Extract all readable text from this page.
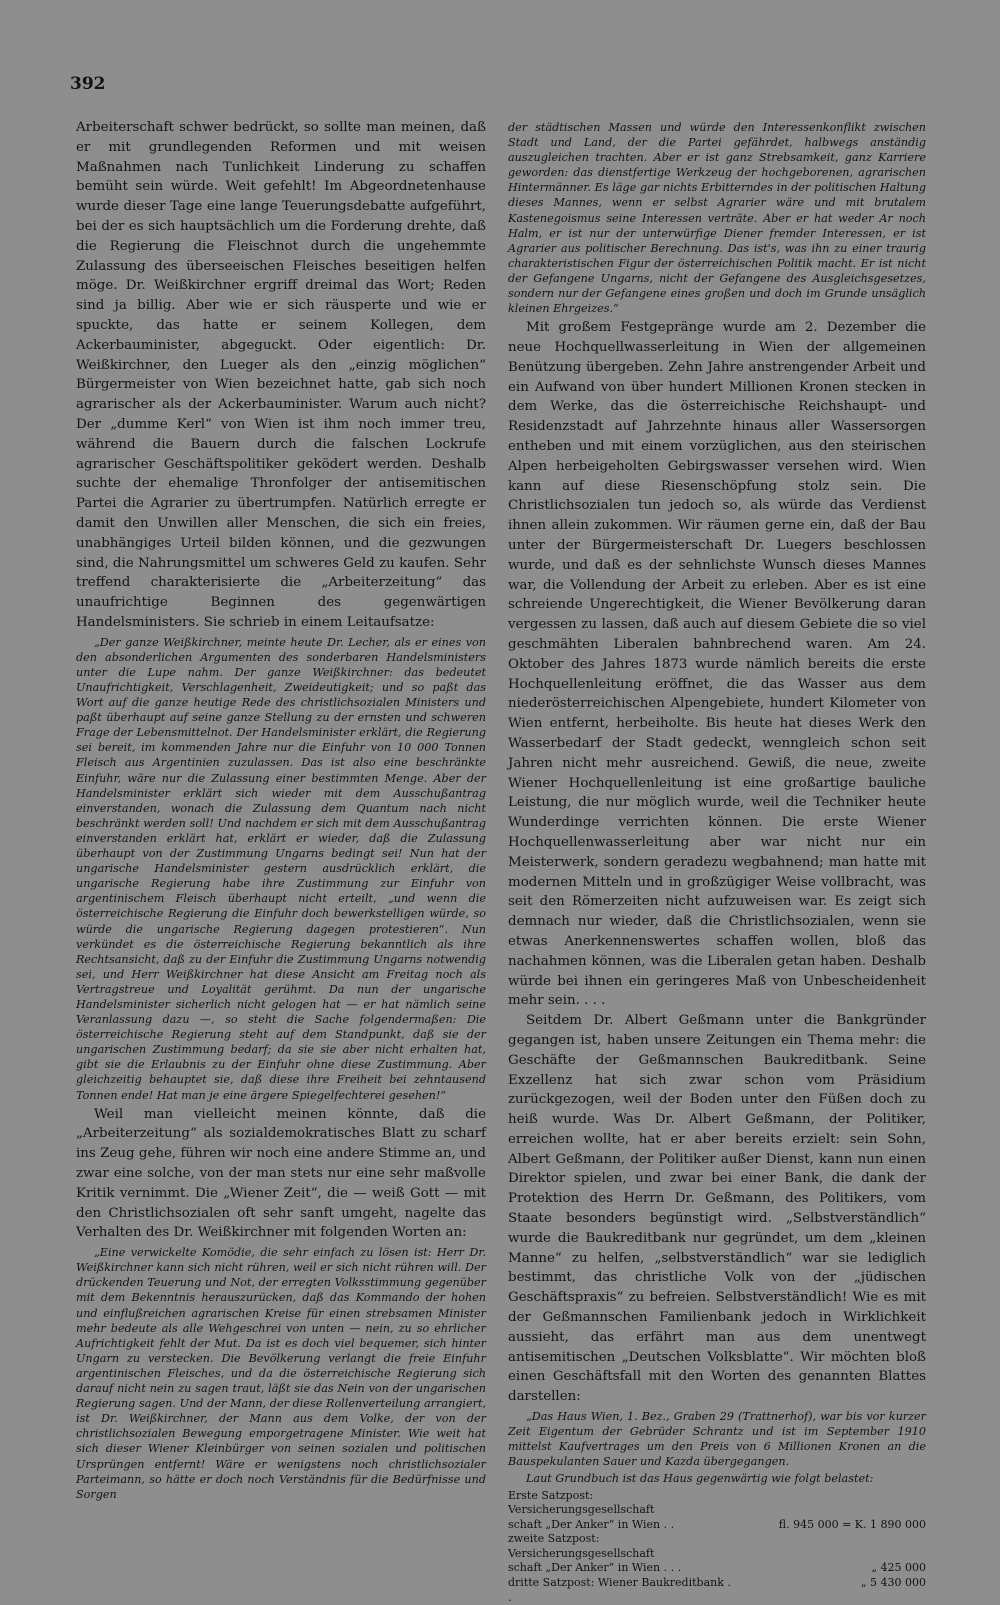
392

Arbeiterschaft schwer bedrückt, so sollte man meinen, daß er mit grundlegenden Reformen und mit weisen Maßnahmen nach Tunlichkeit Linderung zu schaffen bemüht sein würde. Weit gefehlt! Im Abgeordnetenhause wurde dieser Tage eine lange Teuerungsdebatte aufgeführt, bei der es sich hauptsächlich um die Forderung drehte, daß die Regierung die Fleischnot durch die ungehemmte Zulassung des überseeischen Fleisches beseitigen helfen möge. Dr. Weißkirchner ergriff dreimal das Wort; Reden sind ja billig. Aber wie er sich räusperte und wie er spuckte, das hatte er seinem Kollegen, dem Ackerbauminister, abgeguckt. Oder eigentlich: Dr. Weißkirchner, den Lueger als den „einzig möglichen“ Bürgermeister von Wien bezeichnet hatte, gab sich noch agrarischer als der Ackerbauminister. Warum auch nicht? Der „dumme Kerl“ von Wien ist ihm noch immer treu, während die Bauern durch die falschen Lockrufe agrarischer Geschäftspolitiker geködert werden. Deshalb suchte der ehemalige Thronfolger der antisemitischen Partei die Agrarier zu übertrumpfen. Natürlich erregte er damit den Unwillen aller Menschen, die sich ein freies, unabhängiges Urteil bilden können, und die gezwungen sind, die Nahrungsmittel um schweres Geld zu kaufen. Sehr treffend charakterisierte die „Arbeiterzeitung“ das unaufrichtige Beginnen des gegenwärtigen Handelsministers. Sie schrieb in einem Leitaufsatze:

„Der ganze Weißkirchner, meinte heute Dr. Lecher, als er eines von den absonderlichen Argumenten des sonderbaren Handelsministers unter die Lupe nahm. Der ganze Weißkirchner: das bedeutet Unaufrichtigkeit, Verschlagenheit, Zweideutigkeit; und so paßt das Wort auf die ganze heutige Rede des christlichsozialen Ministers und paßt überhaupt auf seine ganze Stellung zu der ernsten und schweren Frage der Lebensmittelnot. Der Handelsminister erklärt, die Regierung sei bereit, im kommenden Jahre nur die Einfuhr von 10 000 Tonnen Fleisch aus Argentinien zuzulassen. Das ist also eine beschränkte Einfuhr, wäre nur die Zulassung einer bestimmten Menge. Aber der Handelsminister erklärt sich wieder mit dem Ausschußantrag einverstanden, wonach die Zulassung dem Quantum nach nicht beschränkt werden soll! Und nachdem er sich mit dem Ausschußantrag einverstanden erklärt hat, erklärt er wieder, daß die Zulassung überhaupt von der Zustimmung Ungarns bedingt sei! Nun hat der ungarische Handelsminister gestern ausdrücklich erklärt, die ungarische Regierung habe ihre Zustimmung zur Einfuhr von argentinischem Fleisch überhaupt nicht erteilt, „und wenn die österreichische Regierung die Einfuhr doch bewerkstelligen würde, so würde die ungarische Regierung dagegen protestieren“. Nun verkündet es die österreichische Regierung bekanntlich als ihre Rechtsansicht, daß zu der Einfuhr die Zustimmung Ungarns notwendig sei, und Herr Weißkirchner hat diese Ansicht am Freitag noch als Vertragstreue und Loyalität gerühmt. Da nun der ungarische Handelsminister sicherlich nicht gelogen hat — er hat nämlich seine Veranlassung dazu —, so steht die Sache folgendermaßen: Die österreichische Regierung steht auf dem Standpunkt, daß sie der ungarischen Zustimmung bedarf; da sie sie aber nicht erhalten hat, gibt sie die Erlaubnis zu der Einfuhr ohne diese Zustimmung. Aber gleichzeitig behauptet sie, daß diese ihre Freiheit bei zehntausend Tonnen ende! Hat man je eine ärgere Spiegelfechterei gesehen!“

Weil man vielleicht meinen könnte, daß die „Arbeiterzeitung“ als sozialdemokratisches Blatt zu scharf ins Zeug gehe, führen wir noch eine andere Stimme an, und zwar eine solche, von der man stets nur eine sehr maßvolle Kritik vernimmt. Die „Wiener Zeit“, die — weiß Gott — mit den Christlichsozialen oft sehr sanft umgeht, nagelte das Verhalten des Dr. Weißkirchner mit folgenden Worten an:

„Eine verwickelte Komödie, die sehr einfach zu lösen ist: Herr Dr. Weißkirchner kann sich nicht rühren, weil er sich nicht rühren will. Der drückenden Teuerung und Not, der erregten Volksstimmung gegenüber mit dem Bekenntnis herauszurücken, daß das Kommando der hohen und einflußreichen agrarischen Kreise für einen strebsamen Minister mehr bedeute als alle Wehgeschrei von unten — nein, zu so ehrlicher Aufrichtigkeit fehlt der Mut. Da ist es doch viel bequemer, sich hinter Ungarn zu verstecken. Die Bevölkerung verlangt die freie Einfuhr argentinischen Fleisches, und da die österreichische Regierung sich darauf nicht nein zu sagen traut, läßt sie das Nein von der ungarischen Regierung sagen. Und der Mann, der diese Rollenverteilung arrangiert, ist Dr. Weißkirchner, der Mann aus dem Volke, der von der christlichsozialen Bewegung emporgetragene Minister. Wie weit hat sich dieser Wiener Kleinbürger von seinen sozialen und politischen Ursprüngen entfernt! Wäre er wenigstens noch christlichsozialer Parteimann, so hätte er doch noch Verständnis für die Bedürfnisse und Sorgen

der städtischen Massen und würde den Interessenkonflikt zwischen Stadt und Land, der die Partei gefährdet, halbwegs anständig auszugleichen trachten. Aber er ist ganz Strebsamkeit, ganz Karriere geworden: das dienstfertige Werkzeug der hochgeborenen, agrarischen Hintermänner. Es läge gar nichts Erbitterndes in der politischen Haltung dieses Mannes, wenn er selbst Agrarier wäre und mit brutalem Kastenegoismus seine Interessen verträte. Aber er hat weder Ar noch Halm, er ist nur der unterwürfige Diener fremder Interessen, er ist Agrarier aus politischer Berechnung. Das ist's, was ihn zu einer traurig charakteristischen Figur der österreichischen Politik macht. Er ist nicht der Gefangene Ungarns, nicht der Gefangene des Ausgleichsgesetzes, sondern nur der Gefangene eines großen und doch im Grunde unsäglich kleinen Ehrgeizes.“

Mit großem Festgepränge wurde am 2. Dezember die neue Hochquellwasserleitung in Wien der allgemeinen Benützung übergeben. Zehn Jahre anstrengender Arbeit und ein Aufwand von über hundert Millionen Kronen stecken in dem Werke, das die österreichische Reichshaupt- und Residenzstadt auf Jahrzehnte hinaus aller Wassersorgen entheben und mit einem vorzüglichen, aus den steirischen Alpen herbeigeholten Gebirgswasser versehen wird. Wien kann auf diese Riesenschöpfung stolz sein. Die Christlichsozialen tun jedoch so, als würde das Verdienst ihnen allein zukommen. Wir räumen gerne ein, daß der Bau unter der Bürgermeisterschaft Dr. Luegers beschlossen wurde, und daß es der sehnlichste Wunsch dieses Mannes war, die Vollendung der Arbeit zu erleben. Aber es ist eine schreiende Ungerechtigkeit, die Wiener Bevölkerung daran vergessen zu lassen, daß auch auf diesem Gebiete die so viel geschmähten Liberalen bahnbrechend waren. Am 24. Oktober des Jahres 1873 wurde nämlich bereits die erste Hochquellenleitung eröffnet, die das Wasser aus dem niederösterreichischen Alpengebiete, hundert Kilometer von Wien entfernt, herbeiholte. Bis heute hat dieses Werk den Wasserbedarf der Stadt gedeckt, wenngleich schon seit Jahren nicht mehr ausreichend. Gewiß, die neue, zweite Wiener Hochquellenleitung ist eine großartige bauliche Leistung, die nur möglich wurde, weil die Techniker heute Wunderdinge verrichten können. Die erste Wiener Hochquellenwasserleitung aber war nicht nur ein Meisterwerk, sondern geradezu wegbahnend; man hatte mit modernen Mitteln und in großzügiger Weise vollbracht, was seit den Römerzeiten nicht aufzuweisen war. Es zeigt sich demnach nur wieder, daß die Christlichsozialen, wenn sie etwas Anerkennenswertes schaffen wollen, bloß das nachahmen können, was die Liberalen getan haben. Deshalb würde bei ihnen ein geringeres Maß von Unbescheidenheit mehr sein. . . .

Seitdem Dr. Albert Geßmann unter die Bankgründer gegangen ist, haben unsere Zeitungen ein Thema mehr: die Geschäfte der Geßmannschen Baukreditbank. Seine Exzellenz hat sich zwar schon vom Präsidium zurückgezogen, weil der Boden unter den Füßen doch zu heiß wurde. Was Dr. Albert Geßmann, der Politiker, erreichen wollte, hat er aber bereits erzielt: sein Sohn, Albert Geßmann, der Politiker außer Dienst, kann nun einen Direktor spielen, und zwar bei einer Bank, die dank der Protektion des Herrn Dr. Geßmann, des Politikers, vom Staate besonders begünstigt wird. „Selbstverständlich“ wurde die Baukreditbank nur gegründet, um dem „kleinen Manne“ zu helfen, „selbstverständlich“ war sie lediglich bestimmt, das christliche Volk von der „jüdischen Geschäftspraxis“ zu befreien. Selbstverständlich! Wie es mit der Geßmannschen Familienbank jedoch in Wirklichkeit aussieht, das erfährt man aus dem unentwegt antisemitischen „Deutschen Volksblatte“. Wir möchten bloß einen Geschäftsfall mit den Worten des genannten Blattes darstellen:

„Das Haus Wien, 1. Bez., Graben 29 (Trattnerhof), war bis vor kurzer Zeit Eigentum der Gebrüder Schrantz und ist im September 1910 mittelst Kaufvertrages um den Preis von 6 Millionen Kronen an die Bauspekulanten Sauer und Kazda übergegangen.

Laut Grundbuch ist das Haus gegenwärtig wie folgt belastet:

Erste Satzpost: Versicherungsgesellschaft
schaft „Der Anker“ in Wien . .	fl. 945 000 = K. 1 890 000
zweite Satzpost: Versicherungsgesellschaft
schaft „Der Anker“ in Wien . . .	„ 425 000
dritte Satzpost: Wiener Baukreditbank . .
„ 5 430 000
